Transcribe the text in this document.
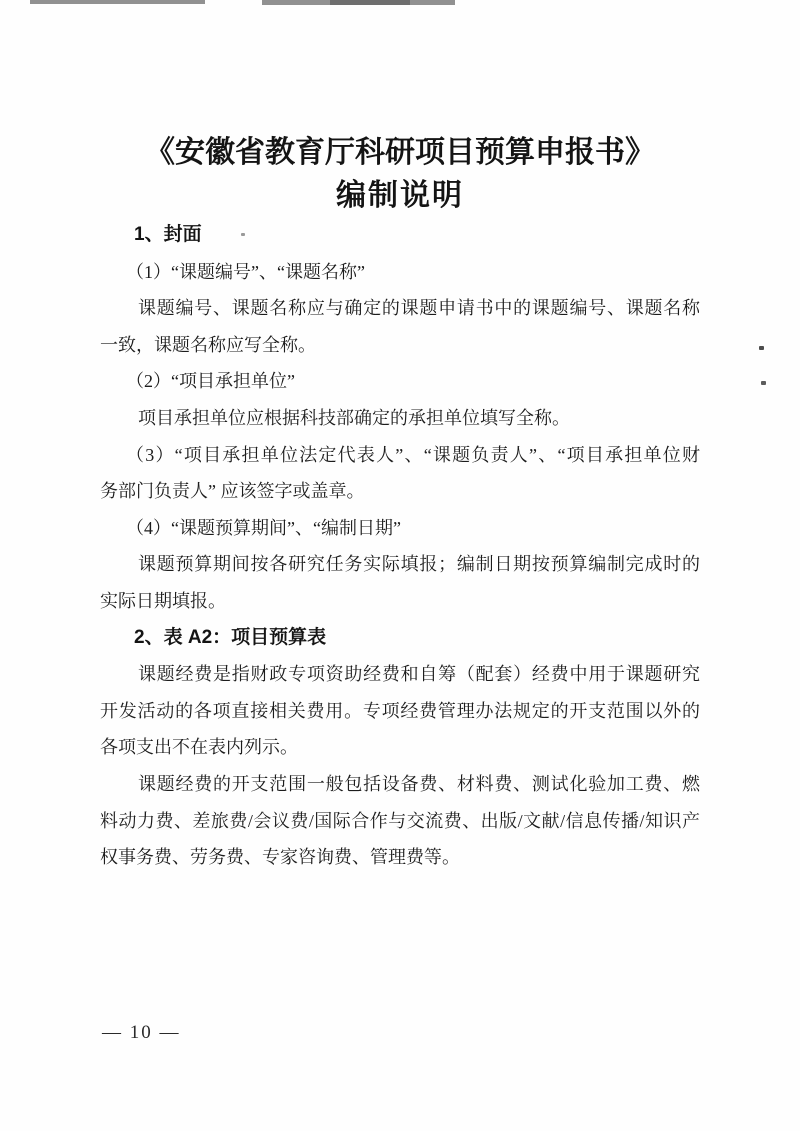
《安徽省教育厅科研项目预算申报书》
编制说明
1、封面
（1）“课题编号”、“课题名称”
课题编号、课题名称应与确定的课题申请书中的课题编号、课题名称
一致，课题名称应写全称。
（2）“项目承担单位”
项目承担单位应根据科技部确定的承担单位填写全称。
（3）“项目承担单位法定代表人”、“课题负责人”、“项目承担单位财
务部门负责人” 应该签字或盖章。
（4）“课题预算期间”、“编制日期”
课题预算期间按各研究任务实际填报；编制日期按预算编制完成时的
实际日期填报。
2、表 A2：项目预算表
课题经费是指财政专项资助经费和自筹（配套）经费中用于课题研究
开发活动的各项直接相关费用。专项经费管理办法规定的开支范围以外的
各项支出不在表内列示。
课题经费的开支范围一般包括设备费、材料费、测试化验加工费、燃
料动力费、差旅费/会议费/国际合作与交流费、出版/文献/信息传播/知识产
权事务费、劳务费、专家咨询费、管理费等。
— 10 —
